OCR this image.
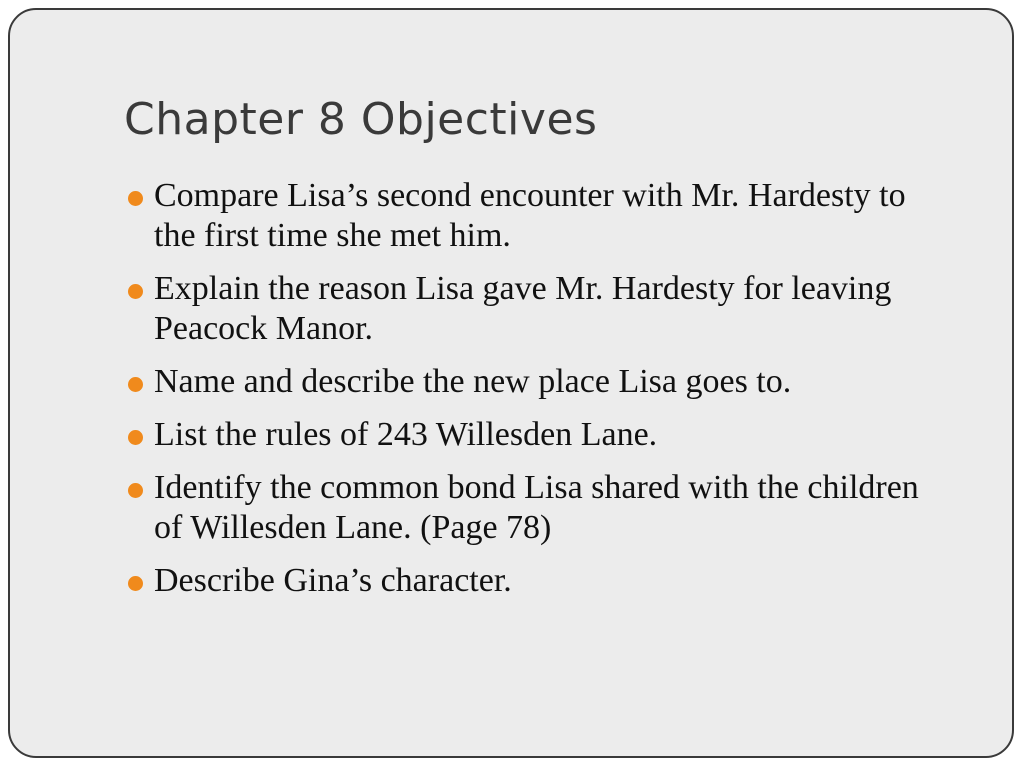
Chapter 8 Objectives
Compare Lisa’s second encounter with Mr. Hardesty to the first time she met him.
Explain the reason Lisa gave Mr. Hardesty for leaving Peacock Manor.
Name and describe the new place Lisa goes to.
List the rules of 243 Willesden Lane.
Identify the common bond Lisa shared with the children of Willesden Lane. (Page 78)
Describe Gina’s character.
